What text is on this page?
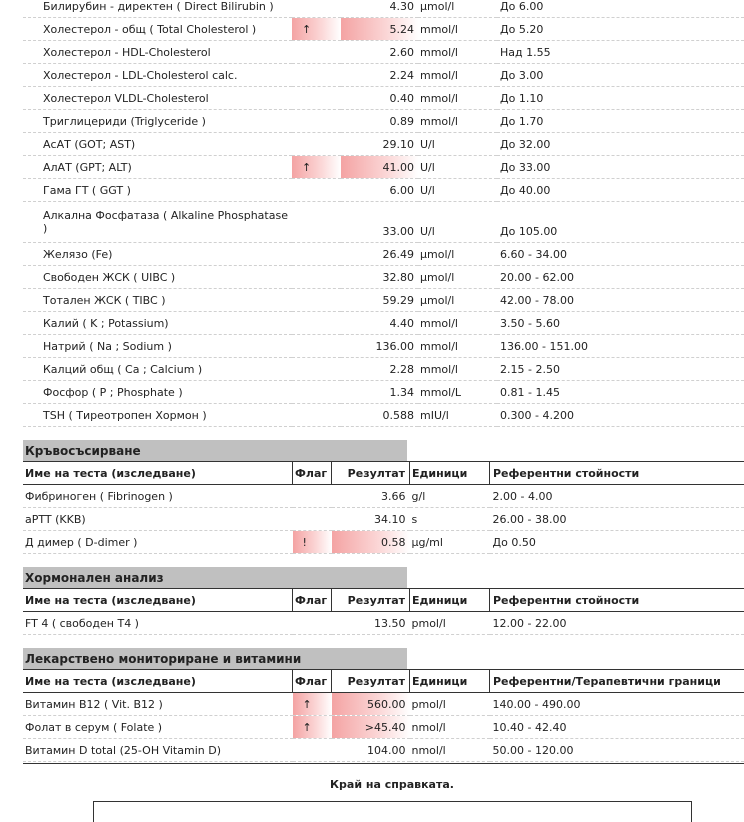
Билирубин - директен ( Direct Bilirubin )		4.30	µmol/l	До 6.00
Холестерол - общ ( Total Cholesterol )	↑	5.24	mmol/l	До 5.20
Холестерол - HDL-Cholesterol		2.60	mmol/l	Над 1.55
Холестерол - LDL-Cholesterol calc.		2.24	mmol/l	До 3.00
Холестерол VLDL-Cholesterol		0.40	mmol/l	До 1.10
Триглицериди (Triglyceride )		0.89	mmol/l	До 1.70
АсАТ (GOT; AST)		29.10	U/l	До 32.00
АлАТ (GPT; ALT)	↑	41.00	U/l	До 33.00
Гама ГТ ( GGT )		6.00	U/l	До 40.00
Алкална Фосфатаза ( Alkaline Phosphatase )		33.00	U/l	До 105.00
Желязо (Fe)		26.49	µmol/l	6.60 - 34.00
Свободен ЖСК ( UIBC )		32.80	µmol/l	20.00 - 62.00
Тотален ЖСК ( TIBC )		59.29	µmol/l	42.00 - 78.00
Калий ( K ; Potassium)		4.40	mmol/l	3.50 - 5.60
Натрий ( Na ; Sodium )		136.00	mmol/l	136.00 - 151.00
Калций общ ( Ca ; Calcium )		2.28	mmol/l	2.15 - 2.50
Фосфор ( P ; Phosphate )		1.34	mmol/L	0.81 - 1.45
TSH ( Тиреотропен Хормон )		0.588	mIU/l	0.300 - 4.200
Кръвосъсирване
Име на теста (изследване)	Флаг	Резултат	Единици	Референтни стойности
Фибриноген ( Fibrinogen )		3.66	g/l	2.00 - 4.00
aPTT (KKB)		34.10	s	26.00 - 38.00
Д димер ( D-dimer )	!	0.58	µg/ml	До 0.50
Хормонален анализ
Име на теста (изследване)	Флаг	Резултат	Единици	Референтни стойности
FT 4 ( свободен T4 )		13.50	pmol/l	12.00 - 22.00
Лекарствено мониториране и витамини
Име на теста (изследване)	Флаг	Резултат	Единици	Референтни/Терапевтични граници
Витамин B12 ( Vit. B12 )	↑	560.00	pmol/l	140.00 - 490.00
Фолат в серум ( Folate )	↑	>45.40	nmol/l	10.40 - 42.40
Витамин D total (25-OH Vitamin D)		104.00	nmol/l	50.00 - 120.00
Край на справката.
